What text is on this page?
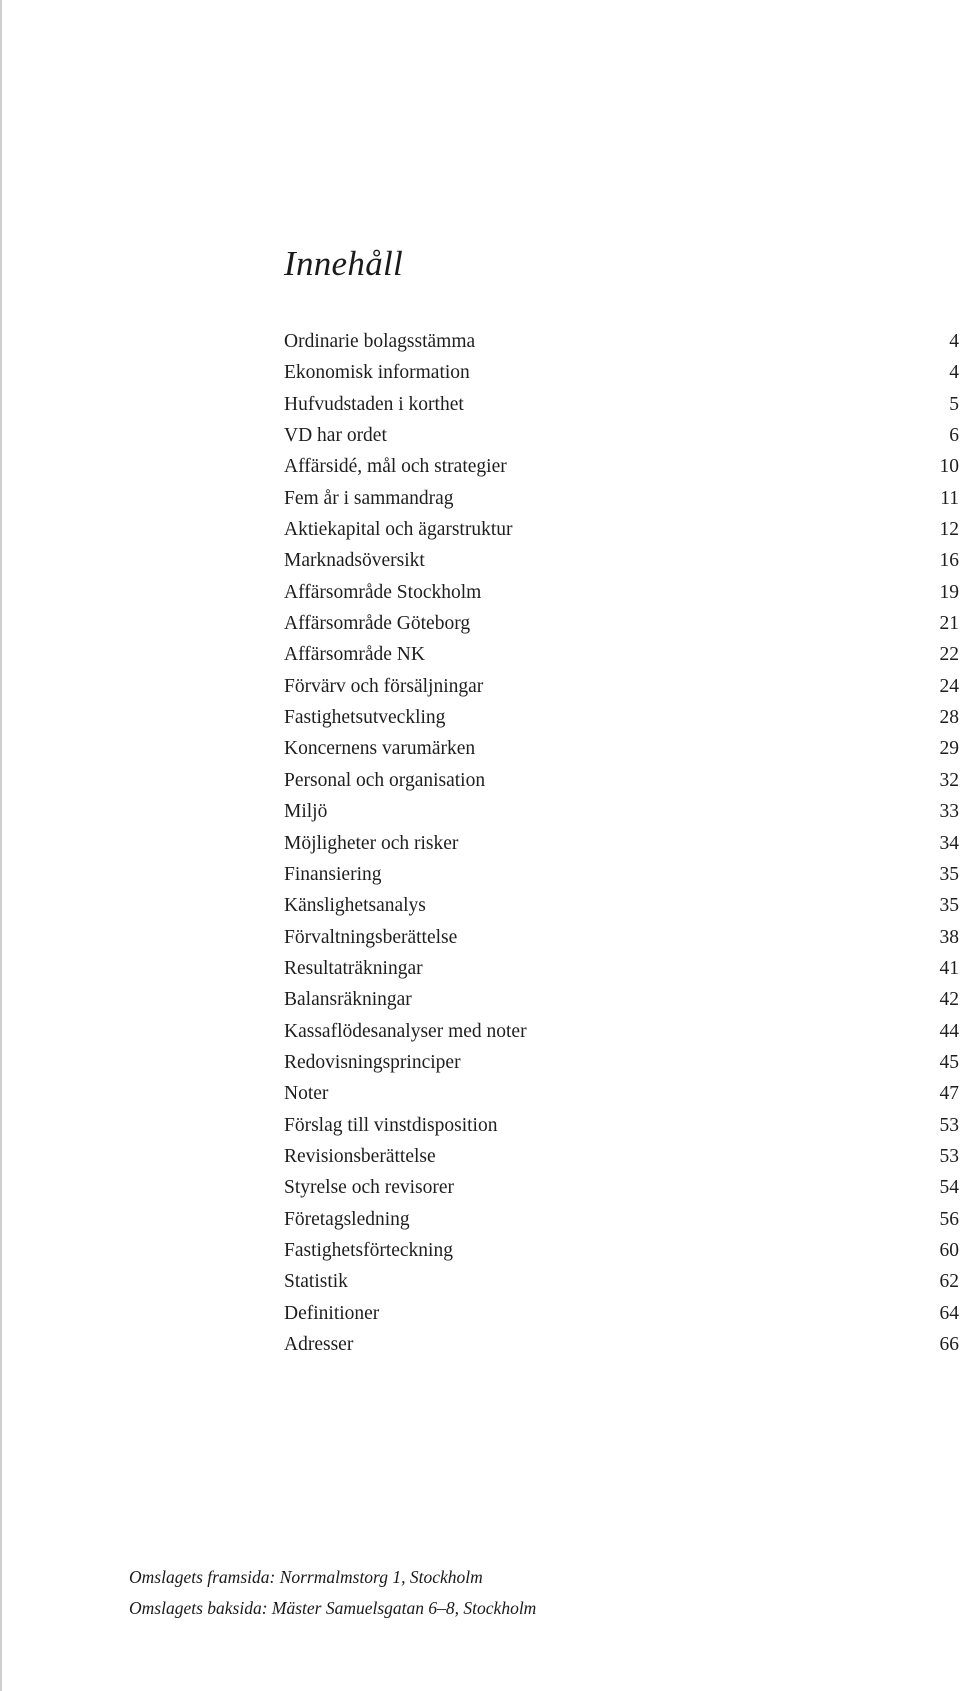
Innehåll
Ordinarie bolagsstämma	4
Ekonomisk information	4
Hufvudstaden i korthet	5
VD har ordet	6
Affärsidé, mål och strategier	10
Fem år i sammandrag	11
Aktiekapital och ägarstruktur	12
Marknadsöversikt	16
Affärsområde Stockholm	19
Affärsområde Göteborg	21
Affärsområde NK	22
Förvärv och försäljningar	24
Fastighetsutveckling	28
Koncernens varumärken	29
Personal och organisation	32
Miljö	33
Möjligheter och risker	34
Finansiering	35
Känslighetsanalys	35
Förvaltningsberättelse	38
Resultaträkningar	41
Balansräkningar	42
Kassaflödesanalyser med noter	44
Redovisningsprinciper	45
Noter	47
Förslag till vinstdisposition	53
Revisionsberättelse	53
Styrelse och revisorer	54
Företagsledning	56
Fastighetsförteckning	60
Statistik	62
Definitioner	64
Adresser	66
Omslagets framsida: Norrmalmstorg 1, Stockholm
Omslagets baksida: Mäster Samuelsgatan 6–8, Stockholm
